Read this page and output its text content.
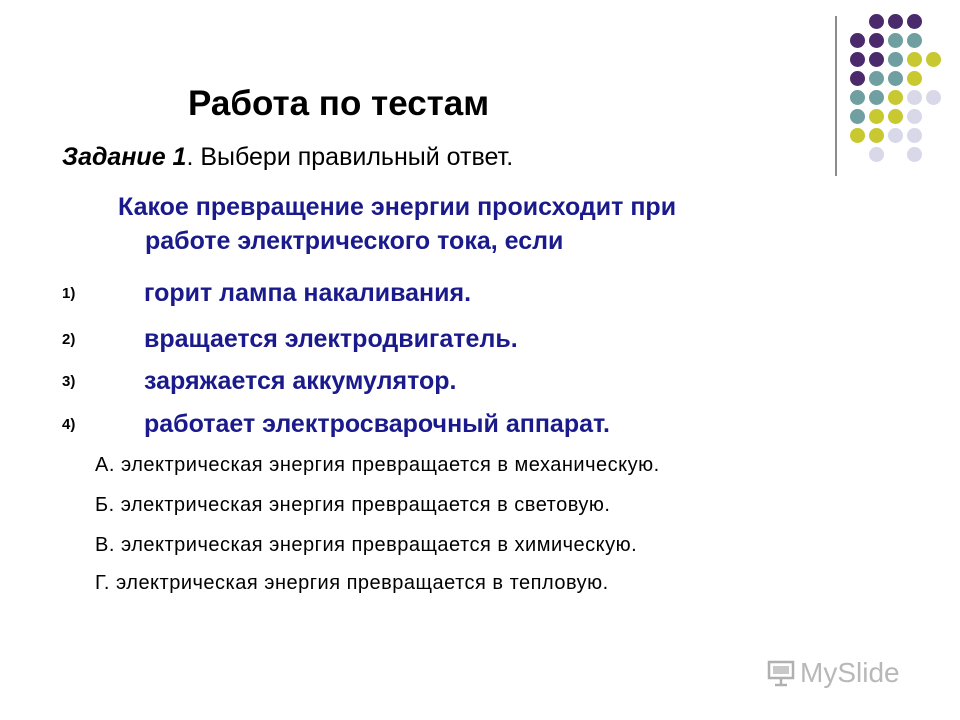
Работа по тестам
Задание 1. Выбери правильный ответ.
Какое превращение энергии происходит при
работе электрического тока, если
1)	горит лампа накаливания.
2)	вращается электродвигатель.
3)	заряжается аккумулятор.
4)	работает электросварочный аппарат.
А. электрическая энергия превращается в механическую.
Б. электрическая энергия превращается в световую.
В. электрическая энергия превращается в химическую.
Г. электрическая энергия превращается в тепловую.
MySlide
